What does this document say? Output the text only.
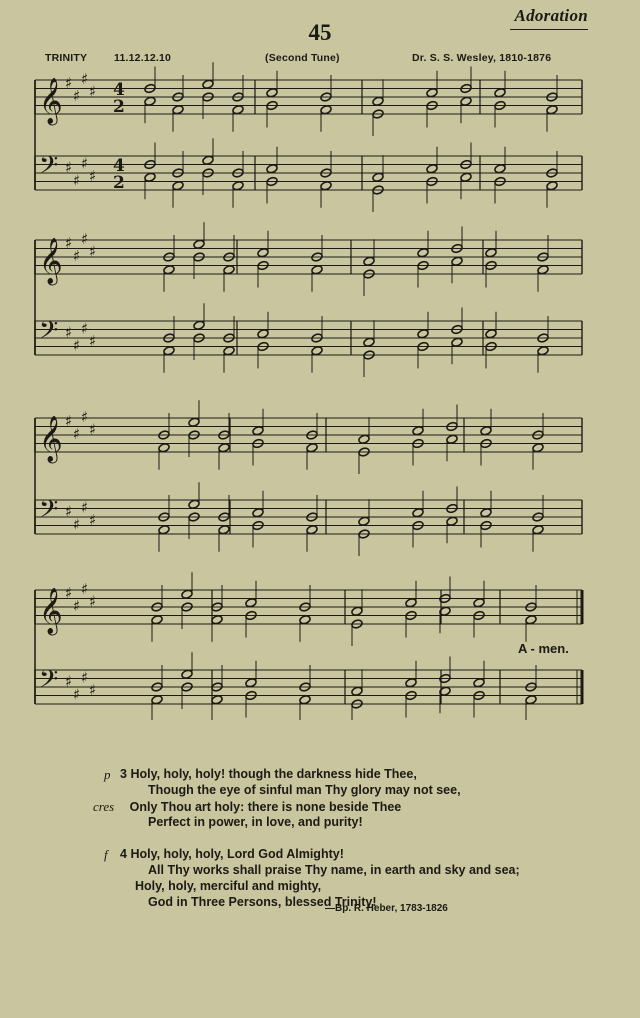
45
Adoration
TRINITY	11.12.12.10	(Second Tune)	Dr. S. S. Wesley, 1810-1876
𝄞 ♯
♯
♯
♯ 4
2
𝄢 ♯
♯
♯
♯ 4
2
𝄞 ♯
♯
♯
♯
𝄢 ♯
♯
♯
♯
𝄞 ♯
♯
♯
♯
𝄢 ♯
♯
♯
♯
𝄞 ♯
♯
♯
♯
𝄢 ♯
♯
♯
♯
A - men.
p 3 Holy, holy, holy! though the darkness hide Thee,
Though the eye of sinful man Thy glory may not see,
cres Only Thou art holy: there is none beside Thee
Perfect in power, in love, and purity!
f 4 Holy, holy, holy, Lord God Almighty!
All Thy works shall praise Thy name, in earth and sky and sea;
Holy, holy, merciful and mighty,
God in Three Persons, blessed Trinity!
—Bp. R. Heber, 1783-1826
